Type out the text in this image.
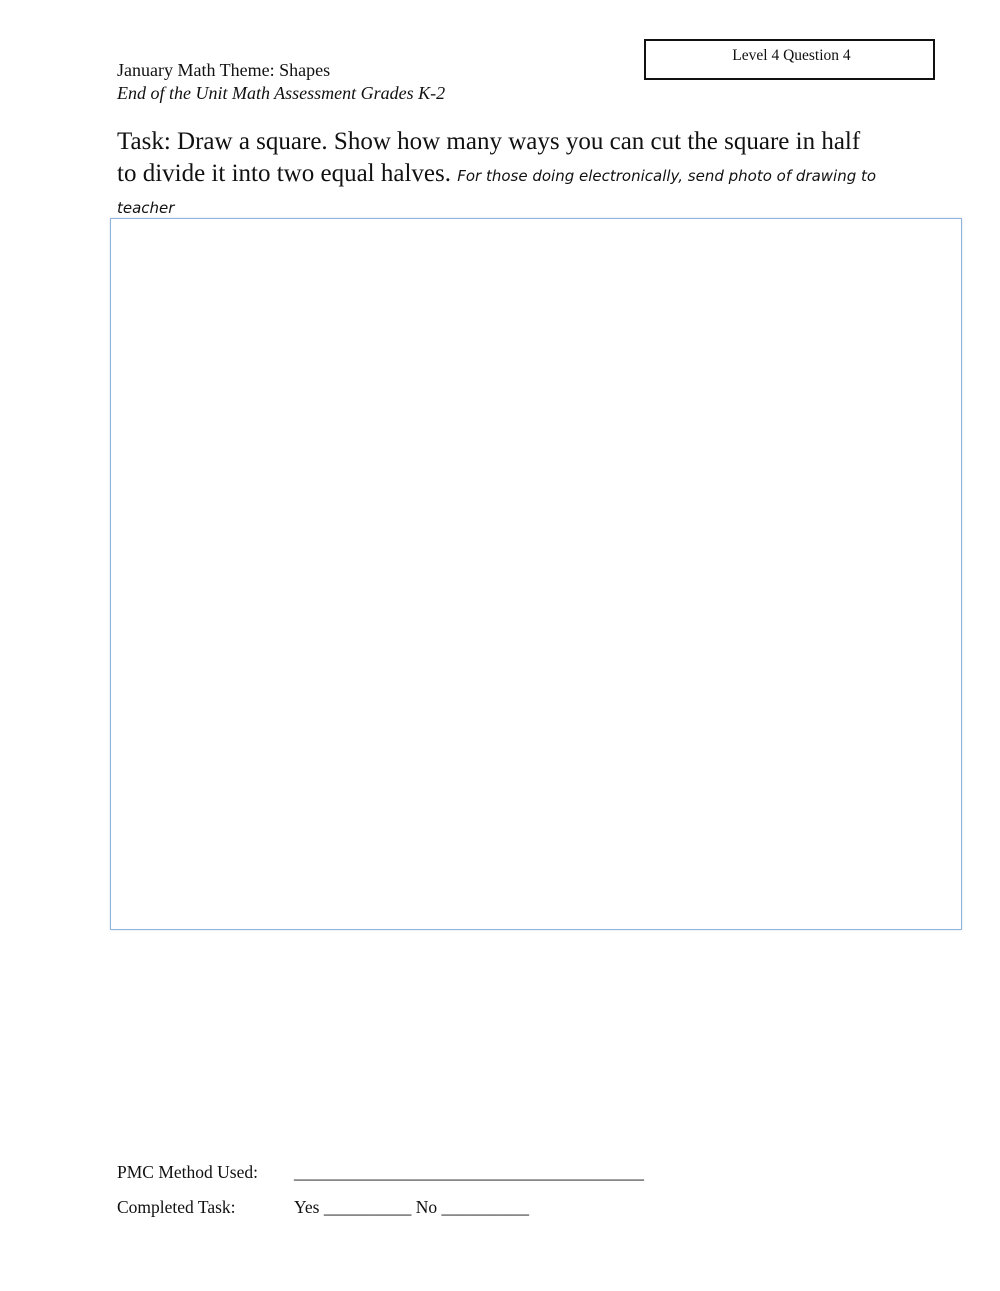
Level 4 Question 4
January Math Theme: Shapes
End of the Unit Math Assessment Grades K-2
Task: Draw a square. Show how many ways you can cut the square in half to divide it into two equal halves. For those doing electronically, send photo of drawing to teacher
PMC Method Used: ________________________________________
Completed Task:	Yes __________ No __________
